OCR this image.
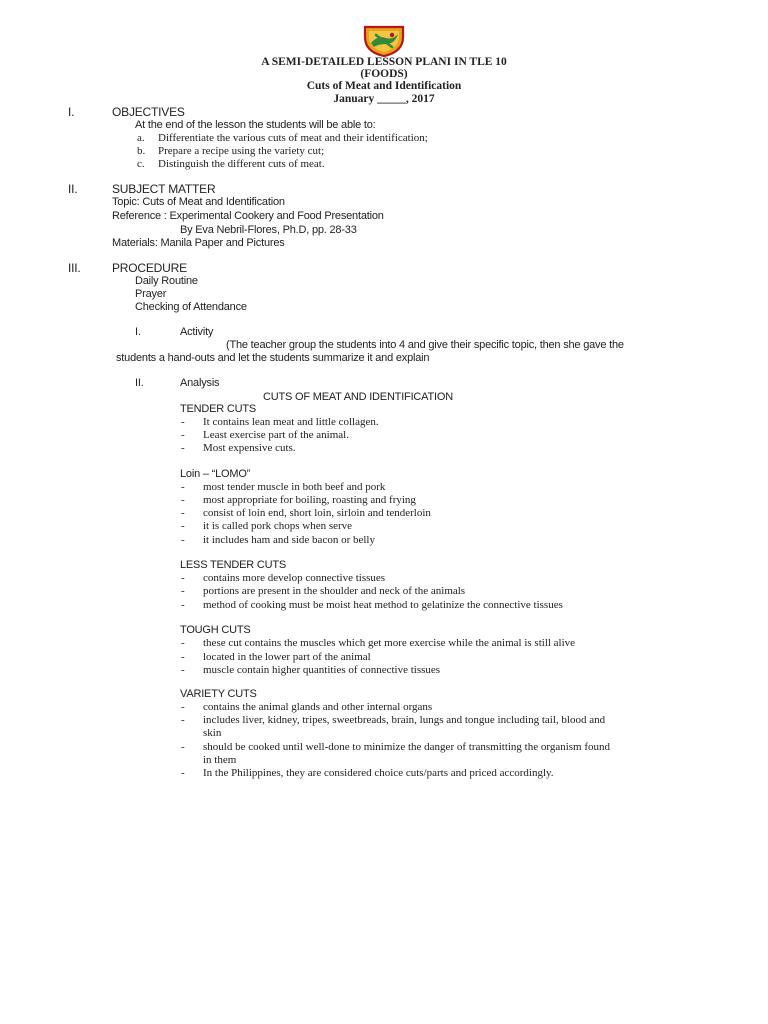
A SEMI-DETAILED LESSON PLANI IN TLE 10
(FOODS)
Cuts of Meat and Identification
January _____, 2017
I.	OBJECTIVES
At the end of the lesson the students will be able to:
a. Differentiate the various cuts of meat and their identification;
b. Prepare a recipe using the variety cut;
c. Distinguish the different cuts of meat.
II.	SUBJECT MATTER
Topic: Cuts of Meat and Identification
Reference : Experimental Cookery and Food Presentation
By Eva Nebril-Flores, Ph.D, pp. 28-33
Materials: Manila Paper and Pictures
III.	PROCEDURE
Daily Routine
Prayer
Checking of Attendance
I.	Activity
(The teacher group the students into 4 and give their specific topic, then she gave the
students a hand-outs and let the students summarize it and explain
II.	Analysis
CUTS OF MEAT AND IDENTIFICATION
TENDER CUTS
- It contains lean meat and little collagen.
- Least exercise part of the animal.
- Most expensive cuts.
Loin – “LOMO”
- most tender muscle in both beef and pork
- most appropriate for boiling, roasting and frying
- consist of loin end, short loin, sirloin and tenderloin
- it is called pork chops when serve
- it includes ham and side bacon or belly
LESS TENDER CUTS
- contains more develop connective tissues
- portions are present in the shoulder and neck of the animals
- method of cooking must be moist heat method to gelatinize the connective tissues
TOUGH CUTS
- these cut contains the muscles which get more exercise while the animal is still alive
- located in the lower part of the animal
- muscle contain higher quantities of connective tissues
VARIETY CUTS
- contains the animal glands and other internal organs
- includes liver, kidney, tripes, sweetbreads, brain, lungs and tongue including tail, blood and
skin
- should be cooked until well-done to minimize the danger of transmitting the organism found
in them
- In the Philippines, they are considered choice cuts/parts and priced accordingly.
